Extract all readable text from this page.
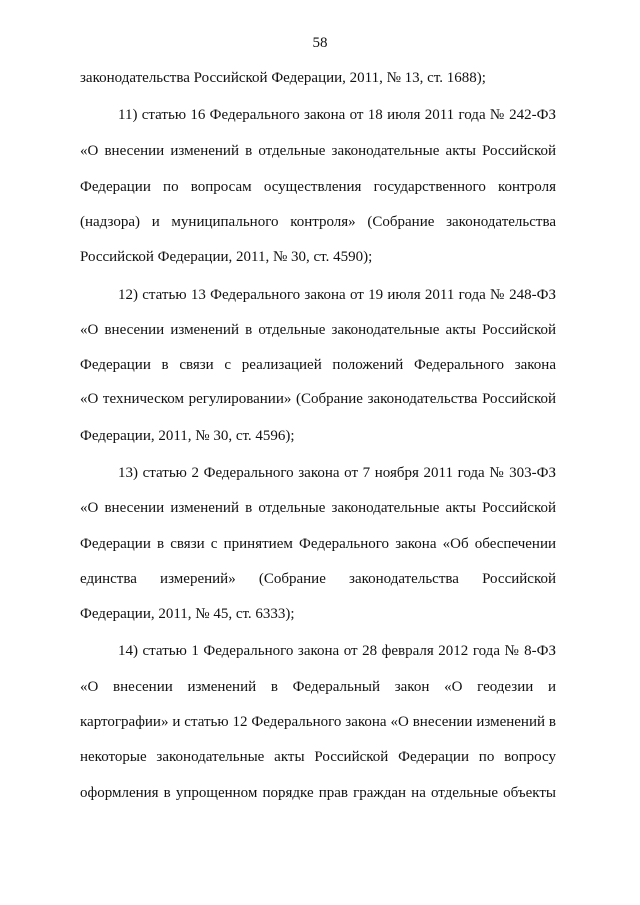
58
законодательства Российской Федерации, 2011, № 13, ст. 1688);
11) статью 16 Федерального закона от 18 июля 2011 года № 242-ФЗ
«О внесении изменений в отдельные законодательные акты Российской
Федерации по вопросам осуществления государственного контроля
(надзора) и муниципального контроля» (Собрание законодательства
Российской Федерации, 2011, № 30, ст. 4590);
12) статью 13 Федерального закона от 19 июля 2011 года № 248-ФЗ
«О внесении изменений в отдельные законодательные акты Российской
Федерации в связи с реализацией положений Федерального закона
«О техническом регулировании» (Собрание законодательства Российской
Федерации, 2011, № 30, ст. 4596);
13) статью 2 Федерального закона от 7 ноября 2011 года № 303-ФЗ
«О внесении изменений в отдельные законодательные акты Российской
Федерации в связи с принятием Федерального закона «Об обеспечении
единства измерений» (Собрание законодательства Российской
Федерации, 2011, № 45, ст. 6333);
14) статью 1 Федерального закона от 28 февраля 2012 года № 8-ФЗ
«О внесении изменений в Федеральный закон «О геодезии и
картографии» и статью 12 Федерального закона «О внесении изменений в
некоторые законодательные акты Российской Федерации по вопросу
оформления в упрощенном порядке прав граждан на отдельные объекты
